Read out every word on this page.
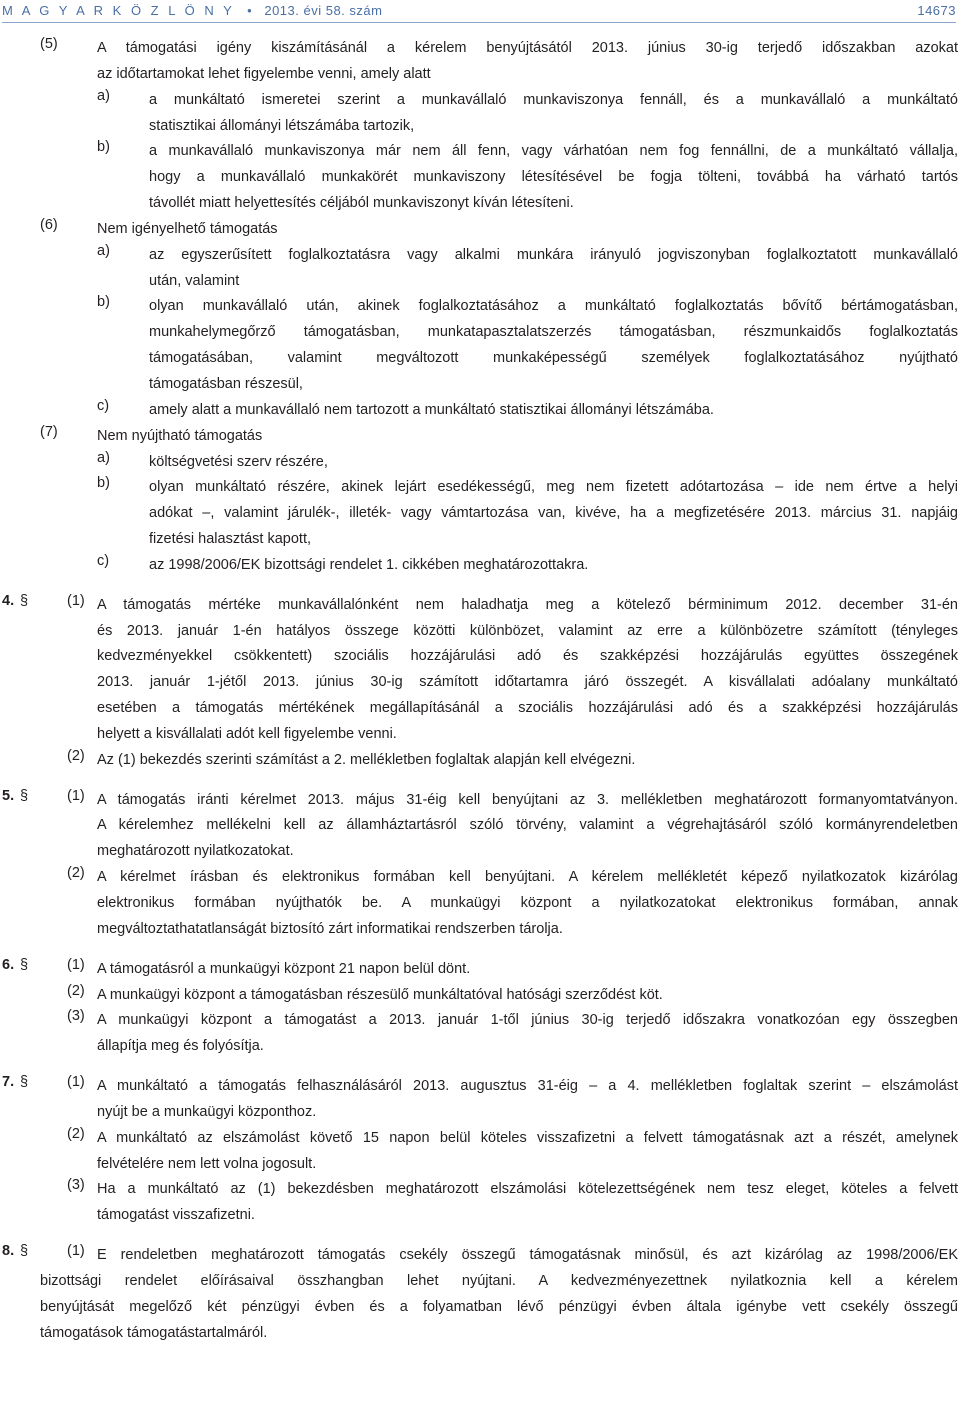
M A G Y A R K Ö Z L Ö N Y • 2013. évi 58. szám	14673
(5)	A támogatási igény kiszámításánál a kérelem benyújtásától 2013. június 30-ig terjedő időszakban azokat
az időtartamokat lehet figyelembe venni, amely alatt
a)	a munkáltató ismeretei szerint a munkavállaló munkaviszonya fennáll, és a munkavállaló a munkáltató
statisztikai állományi létszámába tartozik,
b)	a munkavállaló munkaviszonya már nem áll fenn, vagy várhatóan nem fog fennállni, de a munkáltató vállalja,
hogy a munkavállaló munkakörét munkaviszony létesítésével be fogja tölteni, továbbá ha várható tartós
távollét miatt helyettesítés céljából munkaviszonyt kíván létesíteni.
(6)	Nem igényelhető támogatás
a)	az egyszerűsített foglalkoztatásra vagy alkalmi munkára irányuló jogviszonyban foglalkoztatott munkavállaló
után, valamint
b)	olyan munkavállaló után, akinek foglalkoztatásához a munkáltató foglalkoztatás bővítő bértámogatásban,
munkahelymegőrző támogatásban, munkatapasztalatszerzés támogatásban, részmunkaidős foglalkoztatás
támogatásában, valamint megváltozott munkaképességű személyek foglalkoztatásához nyújtható
támogatásban részesül,
c)	amely alatt a munkavállaló nem tartozott a munkáltató statisztikai állományi létszámába.
(7)	Nem nyújtható támogatás
a)	költségvetési szerv részére,
b)	olyan munkáltató részére, akinek lejárt esedékességű, meg nem fizetett adótartozása – ide nem értve a helyi
adókat –, valamint járulék-, illeték- vagy vámtartozása van, kivéve, ha a megfizetésére 2013. március 31. napjáig
fizetési halasztást kapott,
c)	az 1998/2006/EK bizottsági rendelet 1. cikkében meghatározottakra.
4. §	(1) A támogatás mértéke munkavállalónként nem haladhatja meg a kötelező bérminimum 2012. december 31-én
és 2013. január 1-én hatályos összege közötti különbözet, valamint az erre a különbözetre számított (tényleges
kedvezményekkel csökkentett) szociális hozzájárulási adó és szakképzési hozzájárulás együttes összegének
2013. január 1-jétől 2013. június 30-ig számított időtartamra járó összegét. A kisvállalati adóalany munkáltató
esetében a támogatás mértékének megállapításánál a szociális hozzájárulási adó és a szakképzési hozzájárulás
helyett a kisvállalati adót kell figyelembe venni.
(2) Az (1) bekezdés szerinti számítást a 2. mellékletben foglaltak alapján kell elvégezni.
5. §	(1) A támogatás iránti kérelmet 2013. május 31-éig kell benyújtani az 3. mellékletben meghatározott formanyomtatványon.
A kérelemhez mellékelni kell az államháztartásról szóló törvény, valamint a végrehajtásáról szóló kormányrendeletben
meghatározott nyilatkozatokat.
(2) A kérelmet írásban és elektronikus formában kell benyújtani. A kérelem mellékletét képező nyilatkozatok kizárólag
elektronikus formában nyújthatók be. A munkaügyi központ a nyilatkozatokat elektronikus formában, annak
megváltoztathatatlanságát biztosító zárt informatikai rendszerben tárolja.
6. §	(1) A támogatásról a munkaügyi központ 21 napon belül dönt.
(2) A munkaügyi központ a támogatásban részesülő munkáltatóval hatósági szerződést köt.
(3) A munkaügyi központ a támogatást a 2013. január 1-től június 30-ig terjedő időszakra vonatkozóan egy összegben
állapítja meg és folyósítja.
7. §	(1) A munkáltató a támogatás felhasználásáról 2013. augusztus 31-éig – a 4. mellékletben foglaltak szerint – elszámolást
nyújt be a munkaügyi központhoz.
(2) A munkáltató az elszámolást követő 15 napon belül köteles visszafizetni a felvett támogatásnak azt a részét, amelynek
felvételére nem lett volna jogosult.
(3) Ha a munkáltató az (1) bekezdésben meghatározott elszámolási kötelezettségének nem tesz eleget, köteles a felvett
támogatást visszafizetni.
8. §	(1) E rendeletben meghatározott támogatás csekély összegű támogatásnak minősül, és azt kizárólag az 1998/2006/EK
bizottsági rendelet előírásaival összhangban lehet nyújtani. A kedvezményezettnek nyilatkoznia kell a kérelem
benyújtását megelőző két pénzügyi évben és a folyamatban lévő pénzügyi évben általa igénybe vett csekély összegű
támogatások támogatástartalmáról.
